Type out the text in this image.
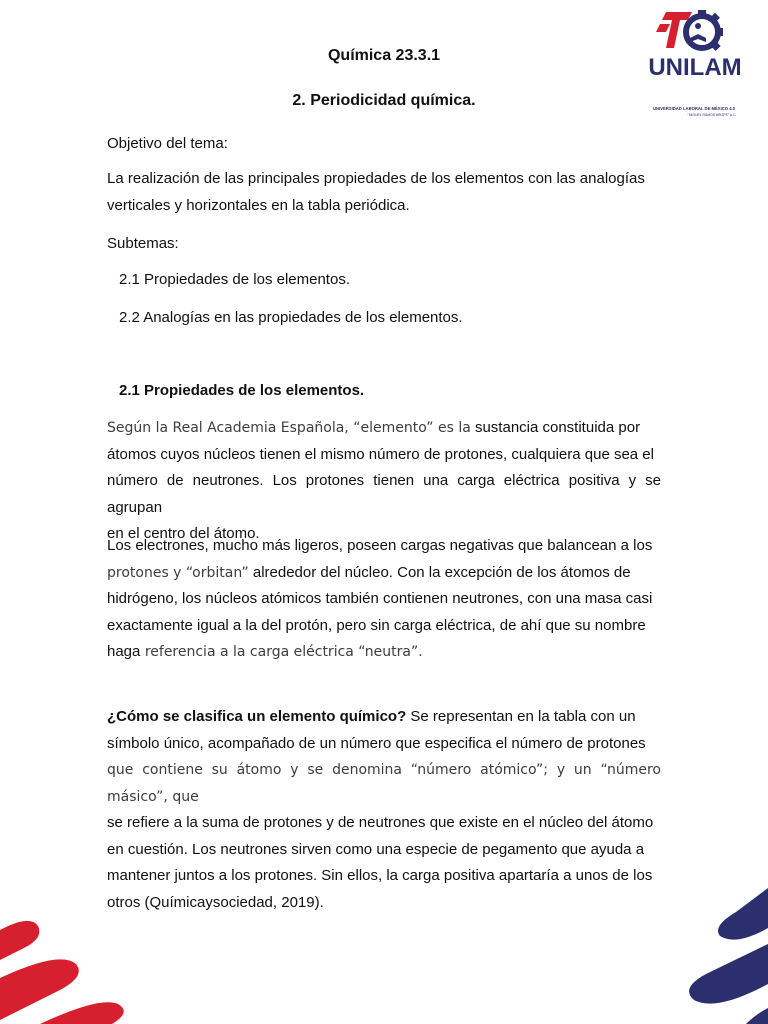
UNIVERSIDAD LABORAL DE MÉXICO 4.0
"MIGUEL RAMOS ARIZPE" A.C.
UNILAM
Química 23.3.1
2. Periodicidad química.

Objetivo del tema:

La realización de las principales propiedades de los elementos con las analogías
verticales y horizontales en la tabla periódica.

Subtemas:

2.1 Propiedades de los elementos.

2.2 Analogías en las propiedades de los elementos.

2.1 Propiedades de los elementos.

Según la Real Academia Española, “elemento” es la sustancia constituida por
átomos cuyos núcleos tienen el mismo número de protones, cualquiera que sea el
número de neutrones. Los protones tienen una carga eléctrica positiva y se agrupan
en el centro del átomo.

Los electrones, mucho más ligeros, poseen cargas negativas que balancean a los
protones y “orbitan” alrededor del núcleo. Con la excepción de los átomos de
hidrógeno, los núcleos atómicos también contienen neutrones, con una masa casi
exactamente igual a la del protón, pero sin carga eléctrica, de ahí que su nombre
haga referencia a la carga eléctrica “neutra”.

¿Cómo se clasifica un elemento químico? Se representan en la tabla con un
símbolo único, acompañado de un número que especifica el número de protones
que contiene su átomo y se denomina “número atómico”; y un “número másico”, que
se refiere a la suma de protones y de neutrones que existe en el núcleo del átomo
en cuestión. Los neutrones sirven como una especie de pegamento que ayuda a
mantener juntos a los protones. Sin ellos, la carga positiva apartaría a unos de los
otros (Químicaysociedad, 2019).
